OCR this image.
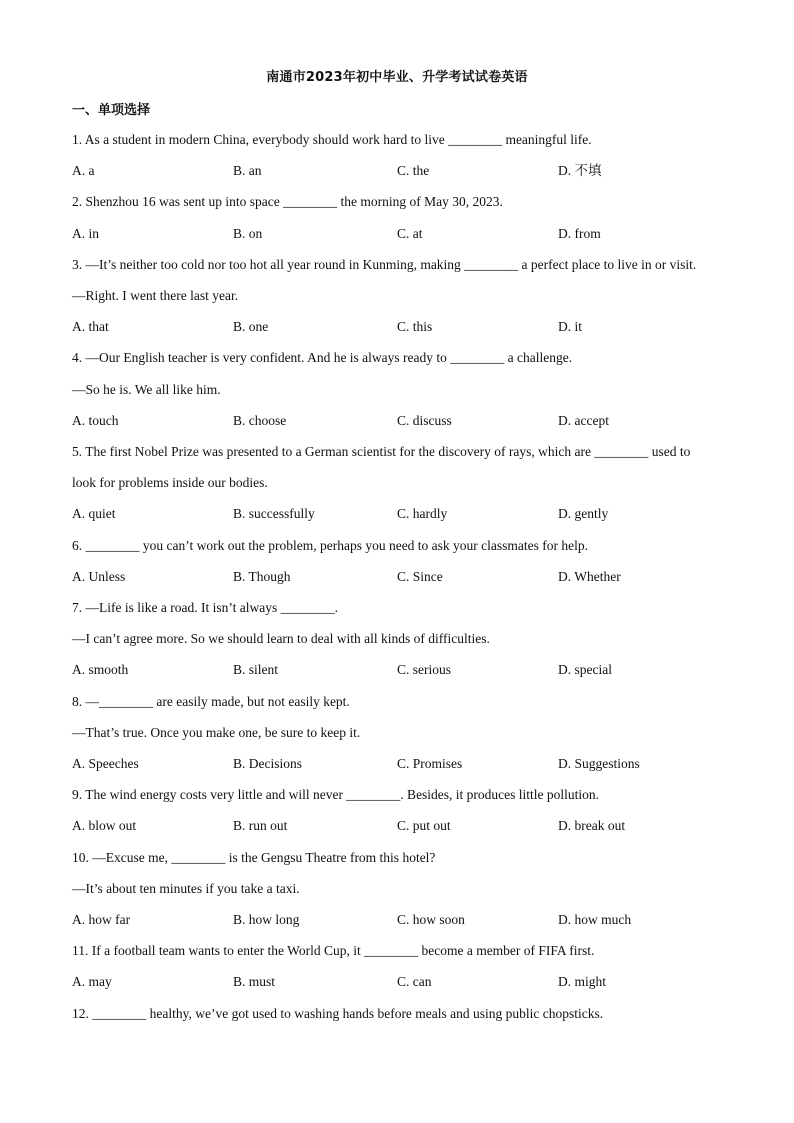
南通市2023年初中毕业、升学考试试卷英语
一、单项选择
1. As a student in modern China, everybody should work hard to live ________ meaningful life.
A. a	B. an	C. the	D. 不填
2. Shenzhou 16 was sent up into space ________ the morning of May 30, 2023.
A. in	B. on	C. at	D. from
3. —It’s neither too cold nor too hot all year round in Kunming, making ________ a perfect place to live in or visit.
—Right. I went there last year.
A. that	B. one	C. this	D. it
4. —Our English teacher is very confident. And he is always ready to ________ a challenge.
—So he is. We all like him.
A. touch	B. choose	C. discuss	D. accept
5. The first Nobel Prize was presented to a German scientist for the discovery of rays, which are ________ used to
look for problems inside our bodies.
A. quiet	B. successfully	C. hardly	D. gently
6. ________ you can’t work out the problem, perhaps you need to ask your classmates for help.
A. Unless	B. Though	C. Since	D. Whether
7. —Life is like a road. It isn’t always ________.
—I can’t agree more. So we should learn to deal with all kinds of difficulties.
A. smooth	B. silent	C. serious	D. special
8. —________ are easily made, but not easily kept.
—That’s true. Once you make one, be sure to keep it.
A. Speeches	B. Decisions	C. Promises	D. Suggestions
9. The wind energy costs very little and will never ________. Besides, it produces little pollution.
A. blow out	B. run out	C. put out	D. break out
10. —Excuse me, ________ is the Gengsu Theatre from this hotel?
—It’s about ten minutes if you take a taxi.
A. how far	B. how long	C. how soon	D. how much
11. If a football team wants to enter the World Cup, it ________ become a member of FIFA first.
A. may	B. must	C. can	D. might
12. ________ healthy, we’ve got used to washing hands before meals and using public chopsticks.
